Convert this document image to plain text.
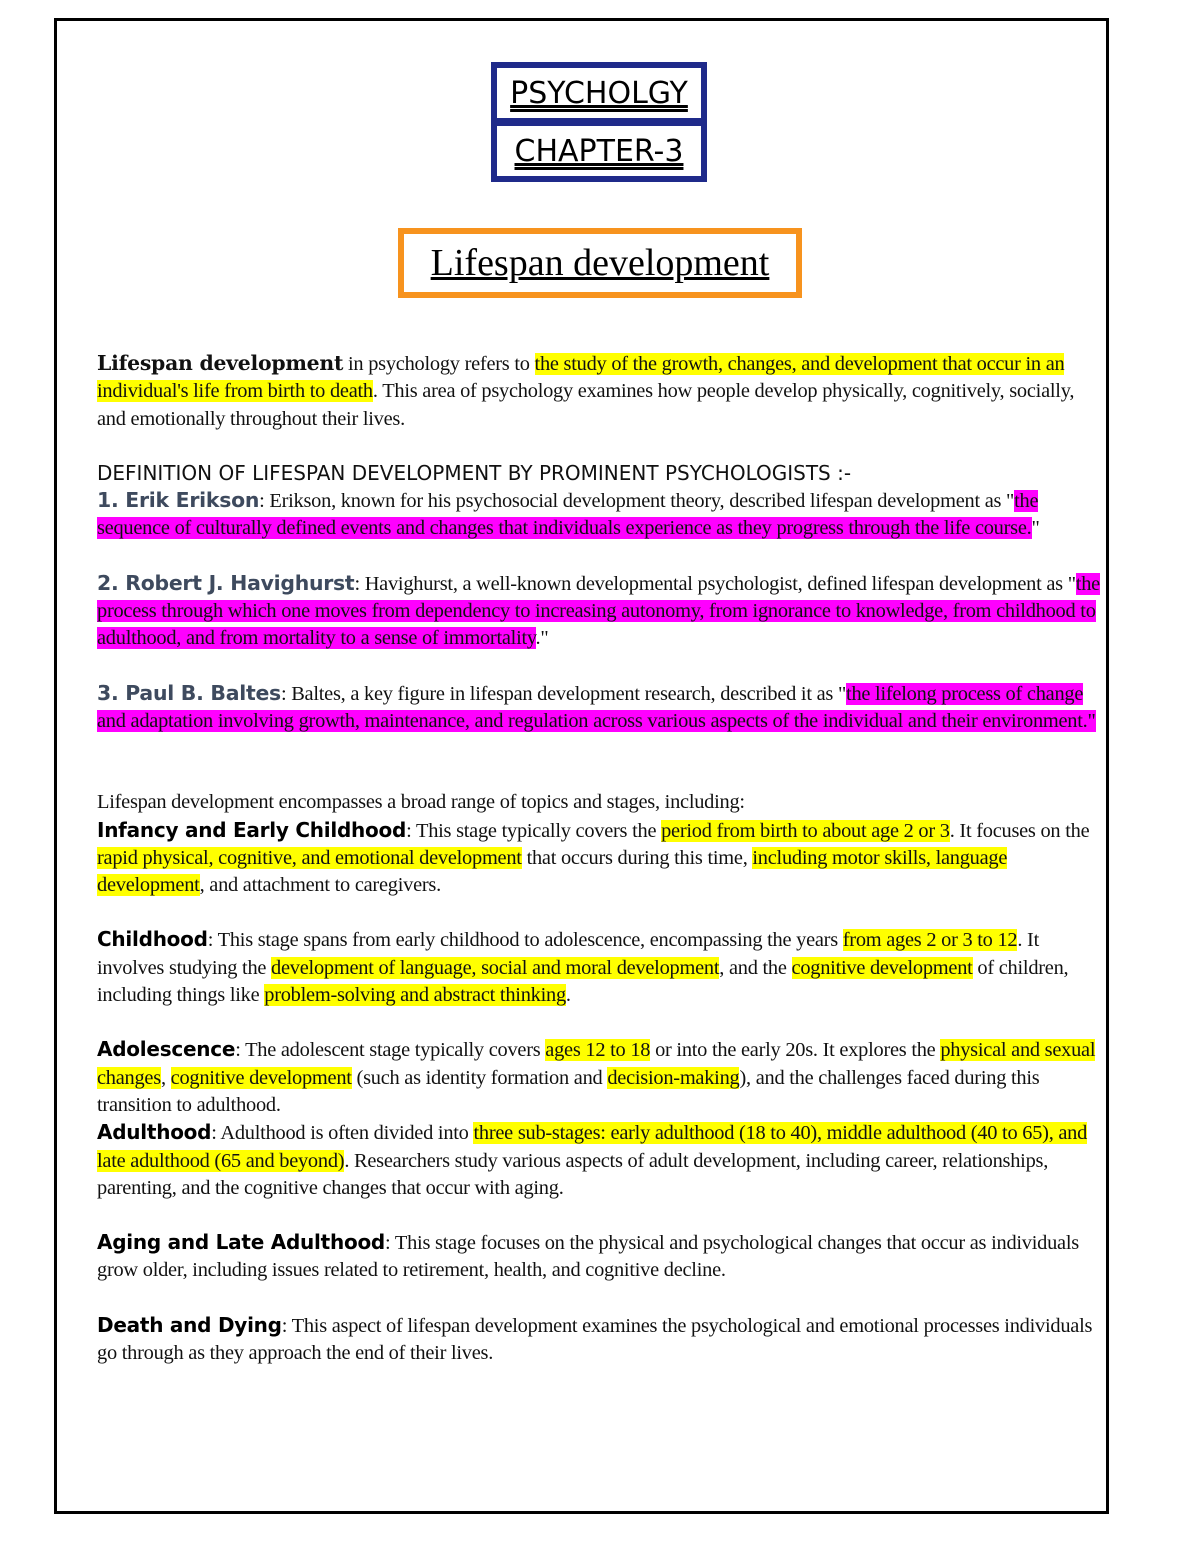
PSYCHOLGY
CHAPTER-3
Lifespan development

Lifespan development in psychology refers to the study of the growth, changes, and development that occur in an individual's life from birth to death. This area of psychology examines how people develop physically, cognitively, socially, and emotionally throughout their lives.

DEFINITION OF LIFESPAN DEVELOPMENT BY PROMINENT PSYCHOLOGISTS :-

1. Erik Erikson: Erikson, known for his psychosocial development theory, described lifespan development as "the sequence of culturally defined events and changes that individuals experience as they progress through the life course."

2. Robert J. Havighurst: Havighurst, a well-known developmental psychologist, defined lifespan development as "the process through which one moves from dependency to increasing autonomy, from ignorance to knowledge, from childhood to adulthood, and from mortality to a sense of immortality."

3. Paul B. Baltes: Baltes, a key figure in lifespan development research, described it as "the lifelong process of change and adaptation involving growth, maintenance, and regulation across various aspects of the individual and their environment."

Lifespan development encompasses a broad range of topics and stages, including:

Infancy and Early Childhood: This stage typically covers the period from birth to about age 2 or 3. It focuses on the rapid physical, cognitive, and emotional development that occurs during this time, including motor skills, language development, and attachment to caregivers.

Childhood: This stage spans from early childhood to adolescence, encompassing the years from ages 2 or 3 to 12. It involves studying the development of language, social and moral development, and the cognitive development of children, including things like problem-solving and abstract thinking.

Adolescence: The adolescent stage typically covers ages 12 to 18 or into the early 20s. It explores the physical and sexual changes, cognitive development (such as identity formation and decision-making), and the challenges faced during this transition to adulthood.

Adulthood: Adulthood is often divided into three sub-stages: early adulthood (18 to 40), middle adulthood (40 to 65), and late adulthood (65 and beyond). Researchers study various aspects of adult development, including career, relationships, parenting, and the cognitive changes that occur with aging.

Aging and Late Adulthood: This stage focuses on the physical and psychological changes that occur as individuals grow older, including issues related to retirement, health, and cognitive decline.

Death and Dying: This aspect of lifespan development examines the psychological and emotional processes individuals go through as they approach the end of their lives.
